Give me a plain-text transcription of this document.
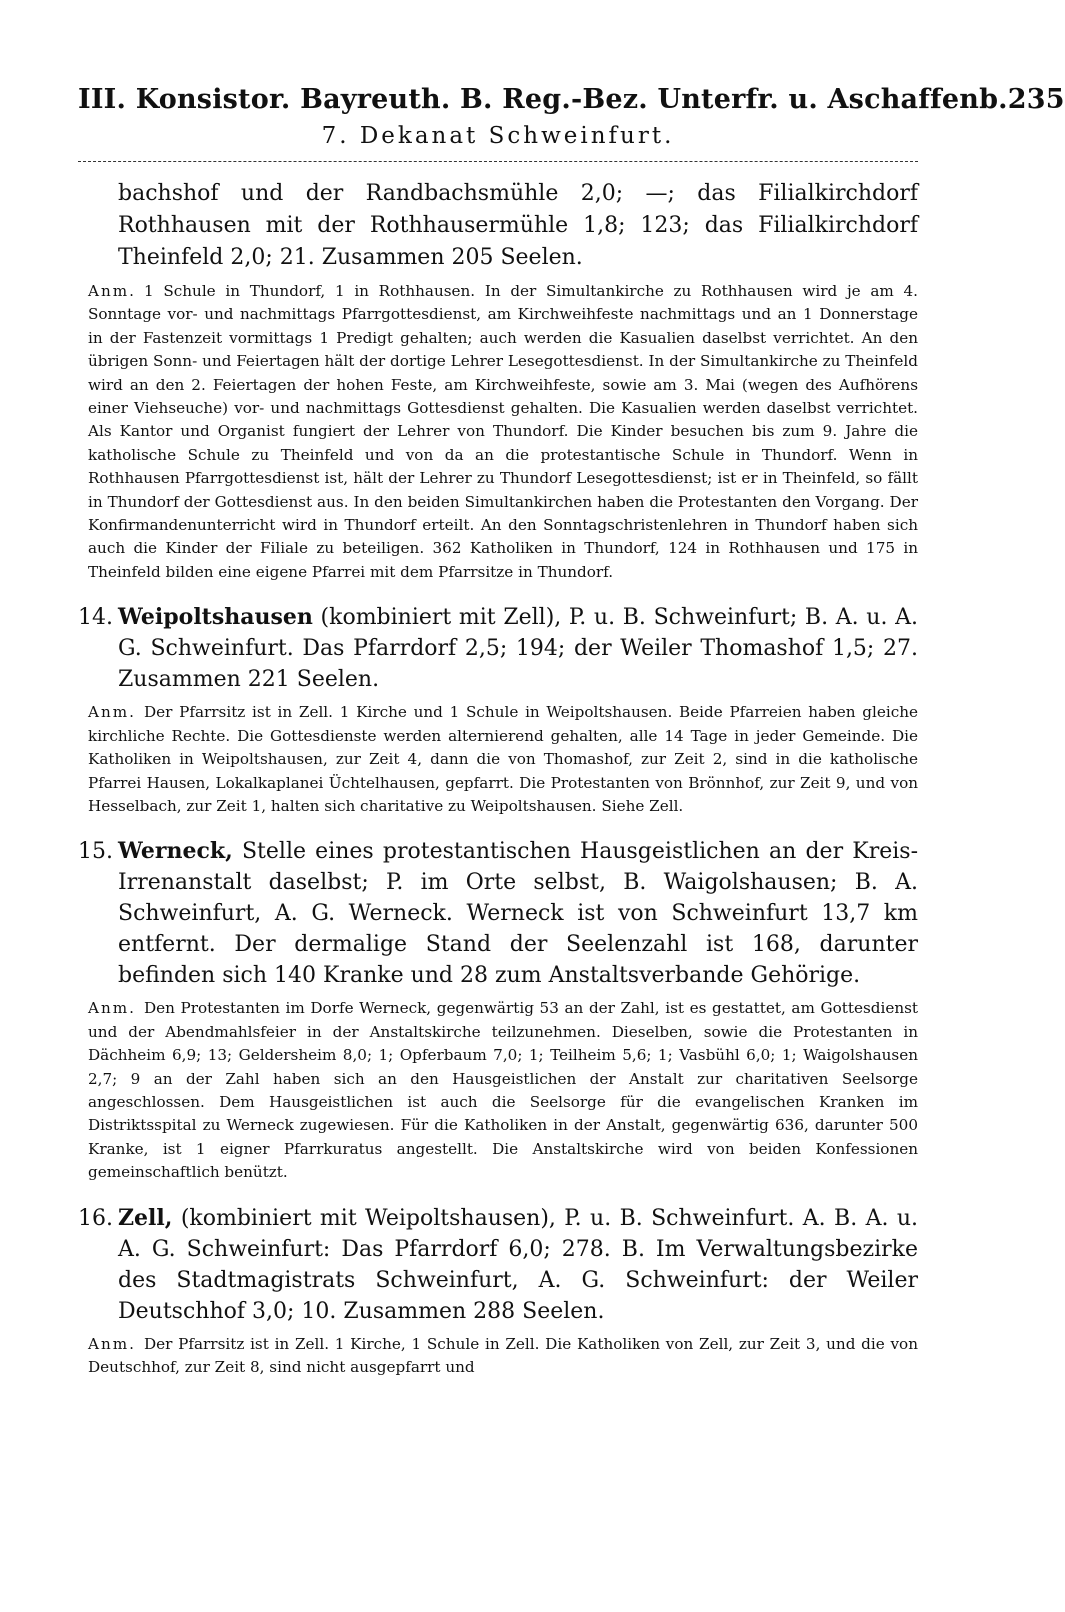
III. Konsistor. Bayreuth. B. Reg.-Bez. Unterfr. u. Aschaffenb. 235
7. Dekanat Schweinfurt.

bachshof und der Randbachsmühle 2,0; —; das Filialkirchdorf Rothhausen mit der Rothhausermühle 1,8; 123; das Filialkirchdorf Theinfeld 2,0; 21. Zusammen 205 Seelen.

Anm. 1 Schule in Thundorf, 1 in Rothhausen. In der Simultankirche zu Rothhausen wird je am 4. Sonntage vor- und nachmittags Pfarrgottesdienst, am Kirchweihfeste nachmittags und an 1 Donnerstage in der Fastenzeit vormittags 1 Predigt gehalten; auch werden die Kasualien daselbst verrichtet. An den übrigen Sonn- und Feiertagen hält der dortige Lehrer Lesegottesdienst. In der Simultankirche zu Theinfeld wird an den 2. Feiertagen der hohen Feste, am Kirchweihfeste, sowie am 3. Mai (wegen des Aufhörens einer Viehseuche) vor- und nachmittags Gottesdienst gehalten. Die Kasualien werden daselbst verrichtet. Als Kantor und Organist fungiert der Lehrer von Thundorf. Die Kinder besuchen bis zum 9. Jahre die katholische Schule zu Theinfeld und von da an die protestantische Schule in Thundorf. Wenn in Rothhausen Pfarrgottesdienst ist, hält der Lehrer zu Thundorf Lesegottesdienst; ist er in Theinfeld, so fällt in Thundorf der Gottesdienst aus. In den beiden Simultankirchen haben die Protestanten den Vorgang. Der Konfirmandenunterricht wird in Thundorf erteilt. An den Sonntagschristenlehren in Thundorf haben sich auch die Kinder der Filiale zu beteiligen. 362 Katholiken in Thundorf, 124 in Rothhausen und 175 in Theinfeld bilden eine eigene Pfarrei mit dem Pfarrsitze in Thundorf.

14. Weipoltshausen (kombiniert mit Zell), P. u. B. Schweinfurt; B. A. u. A. G. Schweinfurt. Das Pfarrdorf 2,5; 194; der Weiler Thomashof 1,5; 27. Zusammen 221 Seelen.

Anm. Der Pfarrsitz ist in Zell. 1 Kirche und 1 Schule in Weipoltshausen. Beide Pfarreien haben gleiche kirchliche Rechte. Die Gottesdienste werden alternierend gehalten, alle 14 Tage in jeder Gemeinde. Die Katholiken in Weipoltshausen, zur Zeit 4, dann die von Thomashof, zur Zeit 2, sind in die katholische Pfarrei Hausen, Lokalkaplanei Üchtelhausen, gepfarrt. Die Protestanten von Brönnhof, zur Zeit 9, und von Hesselbach, zur Zeit 1, halten sich charitative zu Weipoltshausen. Siehe Zell.

15. Werneck, Stelle eines protestantischen Hausgeistlichen an der Kreis-Irrenanstalt daselbst; P. im Orte selbst, B. Waigolshausen; B. A. Schweinfurt, A. G. Werneck. Werneck ist von Schweinfurt 13,7 km entfernt. Der dermalige Stand der Seelenzahl ist 168, darunter befinden sich 140 Kranke und 28 zum Anstaltsverbande Gehörige.

Anm. Den Protestanten im Dorfe Werneck, gegenwärtig 53 an der Zahl, ist es gestattet, am Gottesdienst und der Abendmahlsfeier in der Anstaltskirche teilzunehmen. Dieselben, sowie die Protestanten in Dächheim 6,9; 13; Geldersheim 8,0; 1; Opferbaum 7,0; 1; Teilheim 5,6; 1; Vasbühl 6,0; 1; Waigolshausen 2,7; 9 an der Zahl haben sich an den Hausgeistlichen der Anstalt zur charitativen Seelsorge angeschlossen. Dem Hausgeistlichen ist auch die Seelsorge für die evangelischen Kranken im Distriktsspital zu Werneck zugewiesen. Für die Katholiken in der Anstalt, gegenwärtig 636, darunter 500 Kranke, ist 1 eigner Pfarrkuratus angestellt. Die Anstaltskirche wird von beiden Konfessionen gemeinschaftlich benützt.

16. Zell, (kombiniert mit Weipoltshausen), P. u. B. Schweinfurt. A. B. A. u. A. G. Schweinfurt: Das Pfarrdorf 6,0; 278. B. Im Verwaltungsbezirke des Stadtmagistrats Schweinfurt, A. G. Schweinfurt: der Weiler Deutschhof 3,0; 10. Zusammen 288 Seelen.

Anm. Der Pfarrsitz ist in Zell. 1 Kirche, 1 Schule in Zell. Die Katholiken von Zell, zur Zeit 3, und die von Deutschhof, zur Zeit 8, sind nicht ausgepfarrt und
